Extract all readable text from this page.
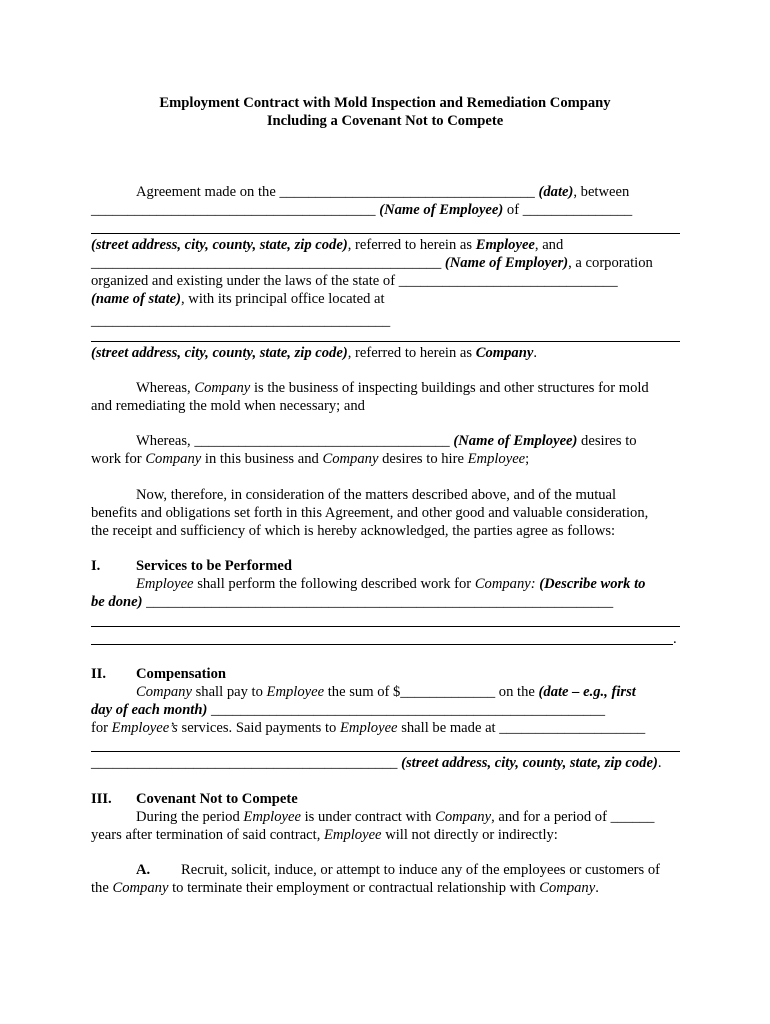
Employment Contract with Mold Inspection and Remediation Company
Including a Covenant Not to Compete
Agreement made on the ___________________________________ (date), between
_______________________________________ (Name of Employee) of _______________
(street address, city, county, state, zip code), referred to herein as Employee, and
________________________________________________ (Name of Employer), a corporation
organized and existing under the laws of the state of ______________________________
(name of state), with its principal office located at
_________________________________________
(street address, city, county, state, zip code), referred to herein as Company.
Whereas, Company is the business of inspecting buildings and other structures for mold
and remediating the mold when necessary; and
Whereas, ___________________________________ (Name of Employee) desires to
work for Company in this business and Company desires to hire Employee;
Now, therefore, in consideration of the matters described above, and of the mutual
benefits and obligations set forth in this Agreement, and other good and valuable consideration,
the receipt and sufficiency of which is hereby acknowledged, the parties agree as follows:
I. Services to be Performed
Employee shall perform the following described work for Company: (Describe work to
be done) ________________________________________________________________
.
II. Compensation
Company shall pay to Employee the sum of $_____________ on the (date – e.g., first
day of each month) ______________________________________________________
for Employee’s services. Said payments to Employee shall be made at ____________________
__________________________________________ (street address, city, county, state, zip code).
III. Covenant Not to Compete
During the period Employee is under contract with Company, and for a period of ______
years after termination of said contract, Employee will not directly or indirectly:
A. Recruit, solicit, induce, or attempt to induce any of the employees or customers of
the Company to terminate their employment or contractual relationship with Company.
